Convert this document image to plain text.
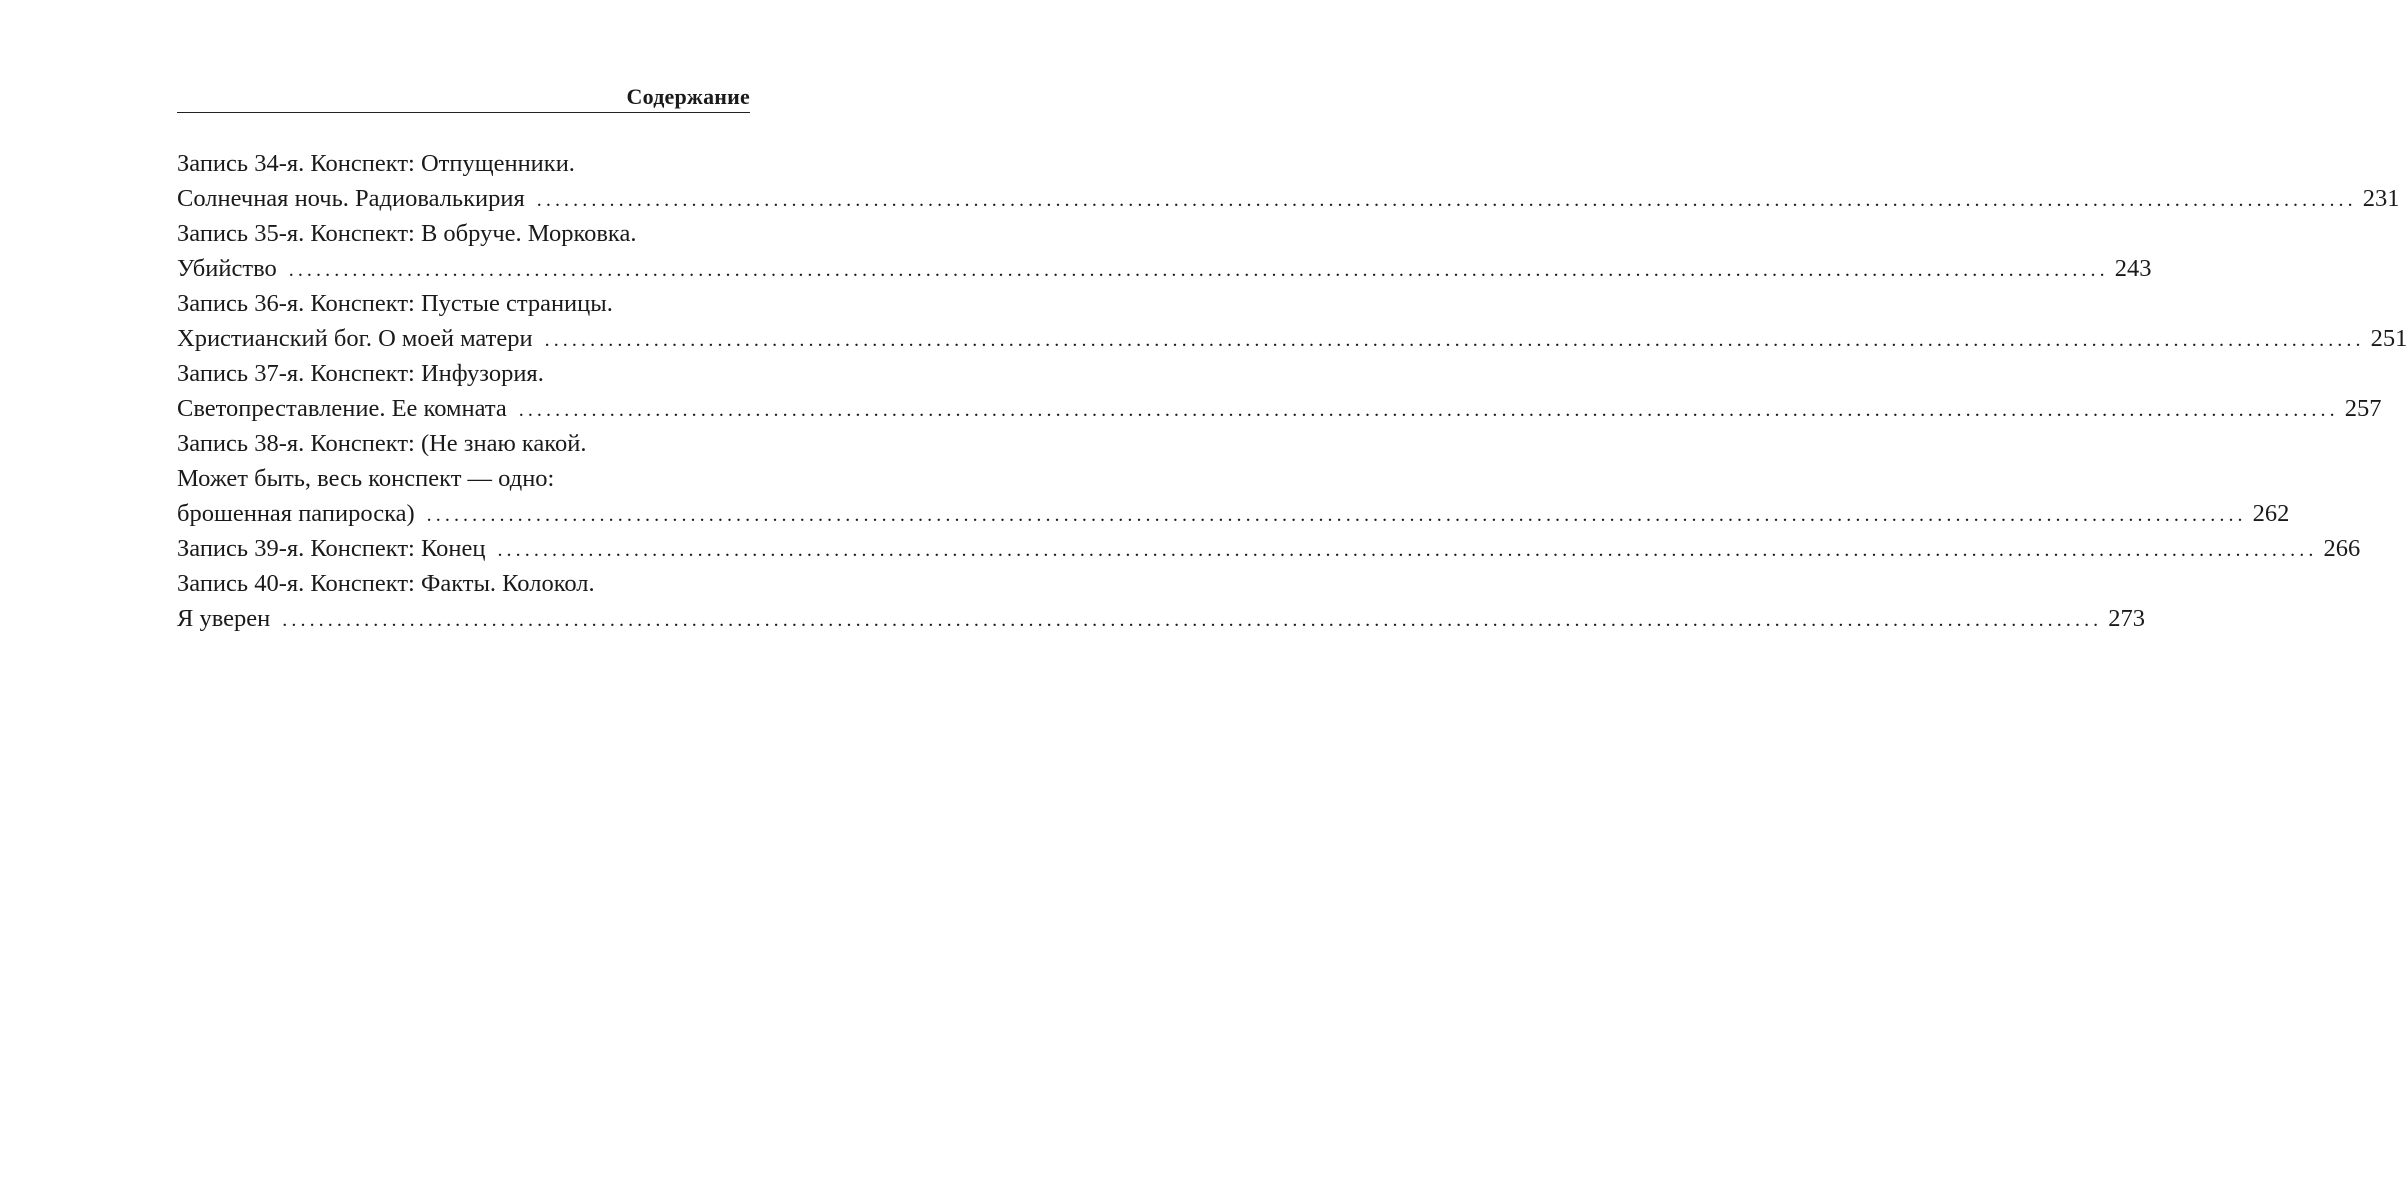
Содержание
Запись 34-я. Конспект: Отпущенники.
Солнечная ночь. Радиовалькирия ........................................................................................................................................................................................................ 231
Запись 35-я. Конспект: В обруче. Морковка.
Убийство ........................................................................................................................................................................................................ 243
Запись 36-я. Конспект: Пустые страницы.
Христианский бог. О моей матери ........................................................................................................................................................................................................ 251
Запись 37-я. Конспект: Инфузория.
Светопреставление. Ее комната ........................................................................................................................................................................................................ 257
Запись 38-я. Конспект: (Не знаю какой.
Может быть, весь конспект — одно:
брошенная папироска) ........................................................................................................................................................................................................ 262
Запись 39-я. Конспект: Конец ........................................................................................................................................................................................................ 266
Запись 40-я. Конспект: Факты. Колокол.
Я уверен ........................................................................................................................................................................................................ 273
